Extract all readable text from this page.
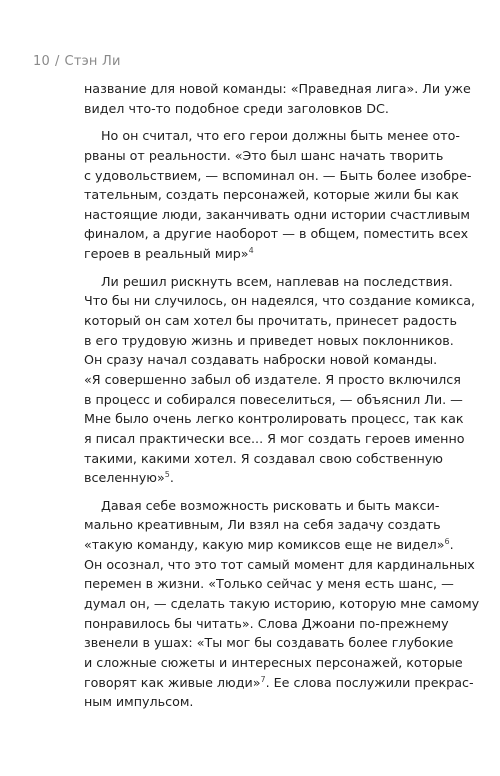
10 / Стэн Ли
название для новой команды: «Праведная лига». Ли уже
видел что-то подобное среди заголовков DC.
Но он считал, что его герои должны быть менее ото-
рваны от реальности. «Это был шанс начать творить
с удовольствием, — вспоминал он. — Быть более изобре-
тательным, создать персонажей, которые жили бы как
настоящие люди, заканчивать одни истории счастливым
финалом, а другие наоборот — в общем, поместить всех
героев в реальный мир»$^4$
Ли решил рискнуть всем, наплевав на последствия.
Что бы ни случилось, он надеялся, что создание комикса,
который он сам хотел бы прочитать, принесет радость
в его трудовую жизнь и приведет новых поклонников.
Он сразу начал создавать наброски новой команды.
«Я совершенно забыл об издателе. Я просто включился
в процесс и собирался повеселиться, — объяснил Ли. —
Мне было очень легко контролировать процесс, так как
я писал практически все... Я мог создать героев именно
такими, какими хотел. Я создавал свою собственную
вселенную»$^5$.
Давая себе возможность рисковать и быть макси-
мально креативным, Ли взял на себя задачу создать
«такую команду, какую мир комиксов еще не видел»$^6$.
Он осознал, что это тот самый момент для кардинальных
перемен в жизни. «Только сейчас у меня есть шанс, —
думал он, — сделать такую историю, которую мне самому
понравилось бы читать». Слова Джоани по-прежнему
звенели в ушах: «Ты мог бы создавать более глубокие
и сложные сюжеты и интересных персонажей, которые
говорят как живые люди»$^7$. Ее слова послужили прекрас-
ным импульсом.
